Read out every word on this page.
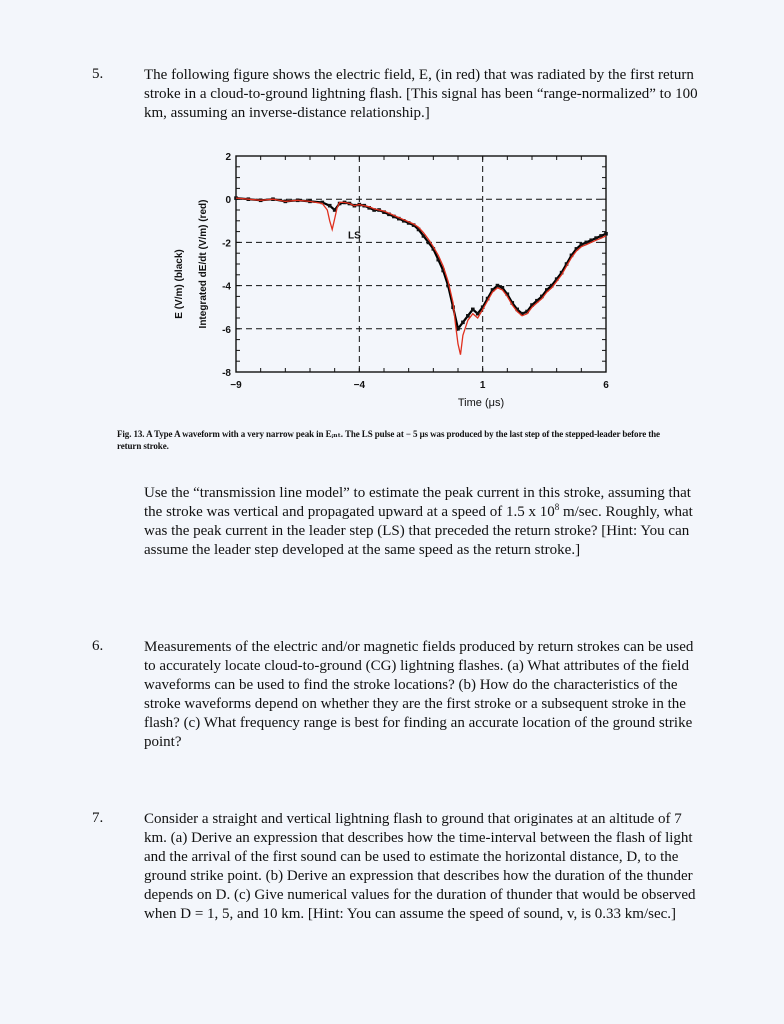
5.	The following figure shows the electric field, E, (in red) that was radiated by the first return stroke in a cloud-to-ground lightning flash. [This signal has been “range-normalized” to 100 km, assuming an inverse-distance relationship.]

−9	−4	1	6
2
0
-2
-4
-6
-8
Time (μs)
E (V/m) (black) Integrated dE/dt (V/m) (red)	LS
Fig. 13. A Type A waveform with a very narrow peak in Eᵢₙₜ. The LS pulse at − 5 μs was produced by the last step of the stepped-leader before the return stroke.

Use the “transmission line model” to estimate the peak current in this stroke, assuming that the stroke was vertical and propagated upward at a speed of 1.5 x $10^8$ m/sec. Roughly, what was the peak current in the leader step (LS) that preceded the return stroke? [Hint: You can assume the leader step developed at the same speed as the return stroke.]

6.	Measurements of the electric and/or magnetic fields produced by return strokes can be used to accurately locate cloud-to-ground (CG) lightning flashes. (a) What attributes of the field waveforms can be used to find the stroke locations? (b) How do the characteristics of the stroke waveforms depend on whether they are the first stroke or a subsequent stroke in the flash? (c) What frequency range is best for finding an accurate location of the ground strike point?
7.	Consider a straight and vertical lightning flash to ground that originates at an altitude of 7 km. (a) Derive an expression that describes how the time-interval between the flash of light and the arrival of the first sound can be used to estimate the horizontal distance, D, to the ground strike point. (b) Derive an expression that describes how the duration of the thunder depends on D. (c) Give numerical values for the duration of thunder that would be observed when D = 1, 5, and 10 km. [Hint: You can assume the speed of sound, v, is 0.33 km/sec.]
